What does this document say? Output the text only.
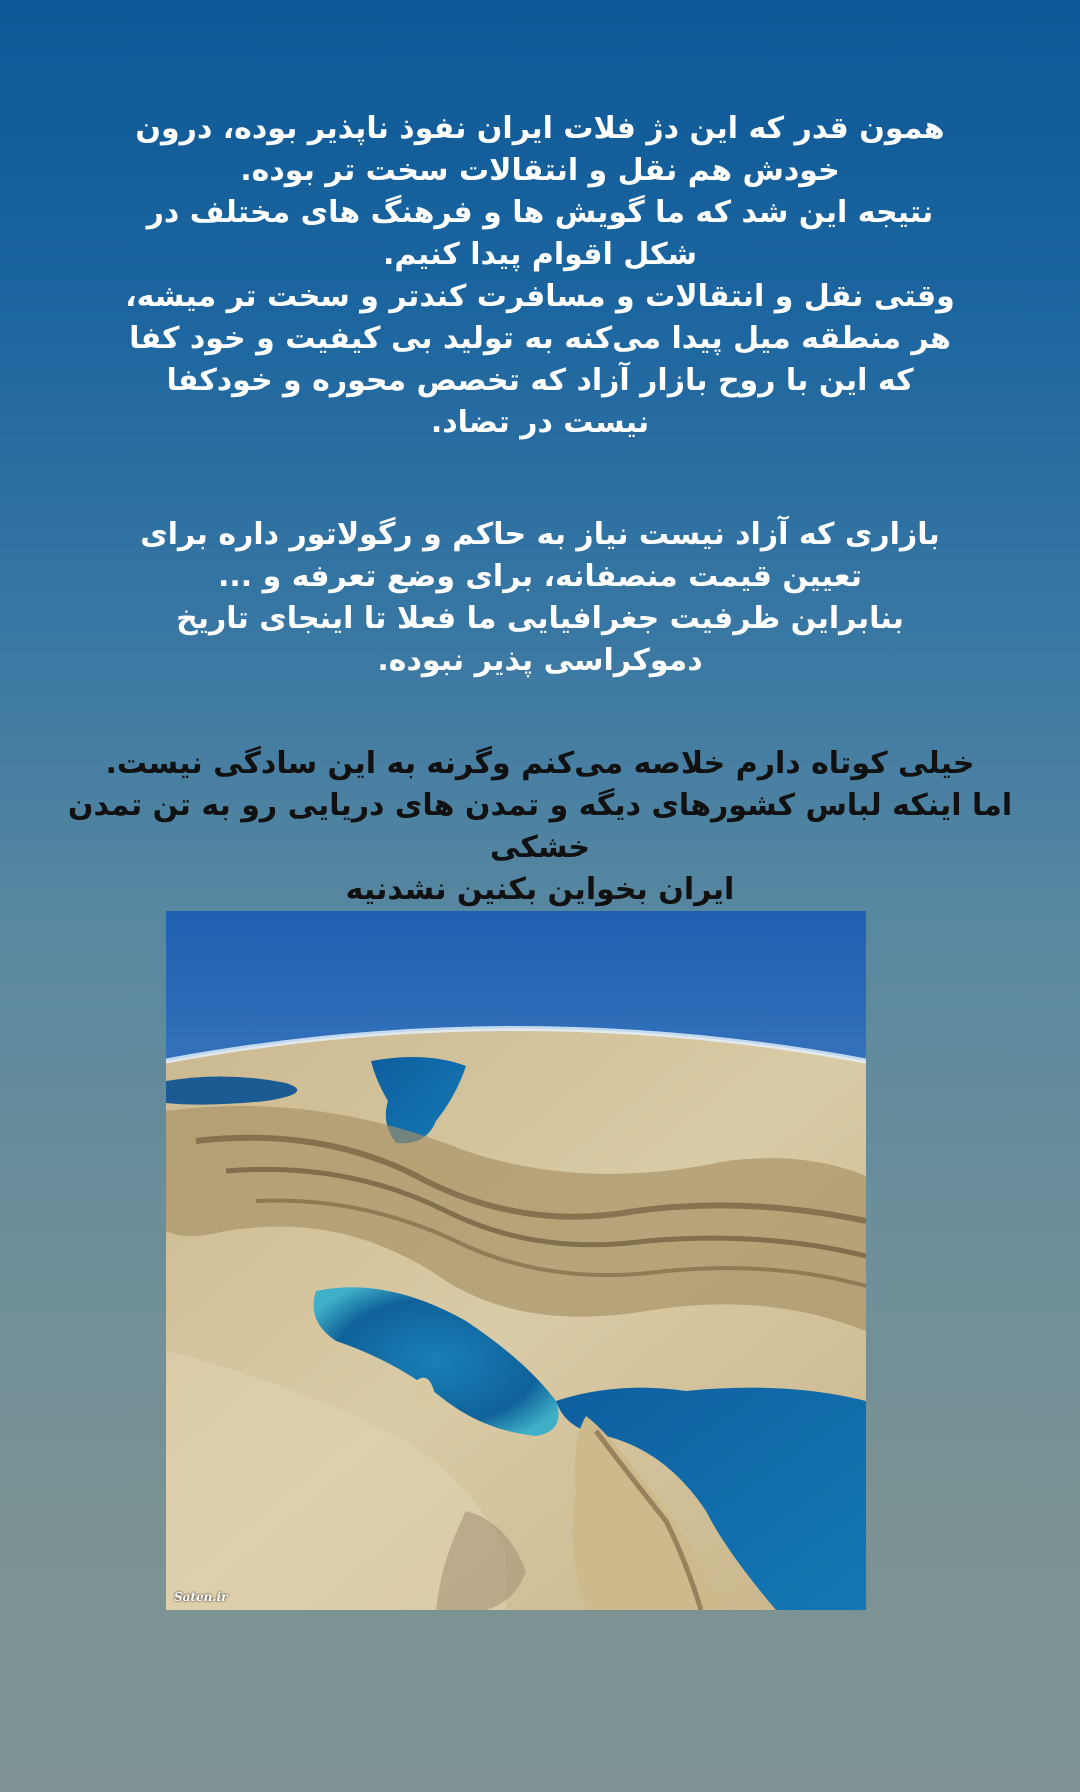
همون قدر که این دژ فلات ایران نفوذ ناپذیر بوده، درون
خودش هم نقل و انتقالات سخت تر بوده.
نتیجه این شد که ما گویش ها و فرهنگ های مختلف در
شکل اقوام پیدا کنیم.
وقتی نقل و انتقالات و مسافرت کندتر و سخت تر میشه،
هر منطقه میل پیدا می‌کنه به تولید بی کیفیت و خود کفا
که این با روح بازار آزاد که تخصص محوره و خودکفا
نیست در تضاد.

بازاری که آزاد نیست نیاز به حاکم و رگولاتور داره برای
تعیین قیمت منصفانه، برای وضع تعرفه و ...
بنابراین ظرفیت جغرافیایی ما فعلا تا اینجای تاریخ
دموکراسی پذیر نبوده.

خیلی کوتاه دارم خلاصه می‌کنم وگرنه به این سادگی نیست.
اما اینکه لباس کشورهای دیگه و تمدن های دریایی رو به تن تمدن خشکی
ایران بخواین بکنین نشدنیه

Saten.ir
